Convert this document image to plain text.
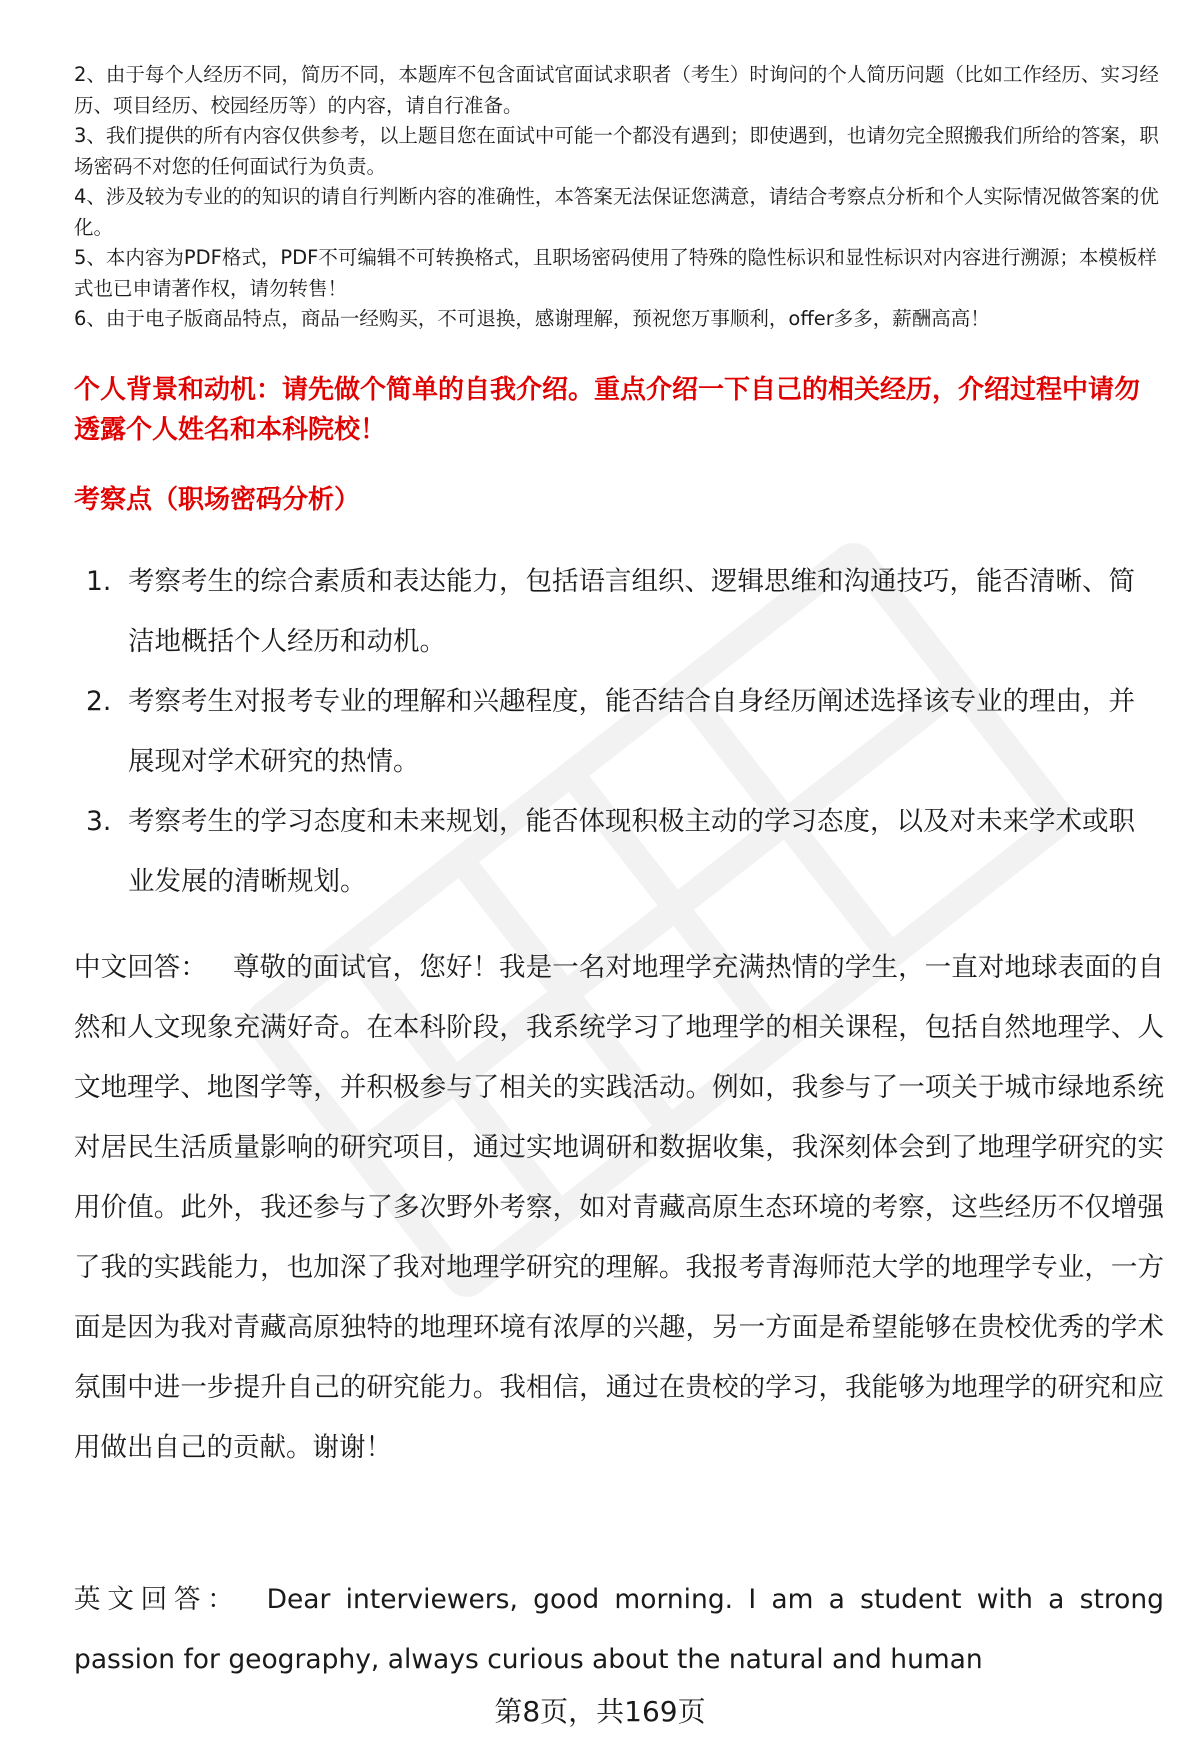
2、由于每个人经历不同，简历不同，本题库不包含面试官面试求职者（考生）时询问的个人简历问题（比如工作经历、实习经历、项目经历、校园经历等）的内容，请自行准备。
3、我们提供的所有内容仅供参考，以上题目您在面试中可能一个都没有遇到；即使遇到，也请勿完全照搬我们所给的答案，职场密码不对您的任何面试行为负责。
4、涉及较为专业的的知识的请自行判断内容的准确性，本答案无法保证您满意，请结合考察点分析和个人实际情况做答案的优化。
5、本内容为PDF格式，PDF不可编辑不可转换格式，且职场密码使用了特殊的隐性标识和显性标识对内容进行溯源；本模板样式也已申请著作权，请勿转售！
6、由于电子版商品特点，商品一经购买，不可退换，感谢理解，预祝您万事顺利，offer多多，薪酬高高！
个人背景和动机：请先做个简单的自我介绍。重点介绍一下自己的相关经历，介绍过程中请勿透露个人姓名和本科院校！
考察点（职场密码分析）
1. 考察考生的综合素质和表达能力，包括语言组织、逻辑思维和沟通技巧，能否清晰、简洁地概括个人经历和动机。
2. 考察考生对报考专业的理解和兴趣程度，能否结合自身经历阐述选择该专业的理由，并展现对学术研究的热情。
3. 考察考生的学习态度和未来规划，能否体现积极主动的学习态度，以及对未来学术或职业发展的清晰规划。

中文回答： 尊敬的面试官，您好！我是一名对地理学充满热情的学生，一直对地球表面的自然和人文现象充满好奇。在本科阶段，我系统学习了地理学的相关课程，包括自然地理学、人文地理学、地图学等，并积极参与了相关的实践活动。例如，我参与了一项关于城市绿地系统对居民生活质量影响的研究项目，通过实地调研和数据收集，我深刻体会到了地理学研究的实用价值。此外，我还参与了多次野外考察，如对青藏高原生态环境的考察，这些经历不仅增强了我的实践能力，也加深了我对地理学研究的理解。我报考青海师范大学的地理学专业，一方面是因为我对青藏高原独特的地理环境有浓厚的兴趣，另一方面是希望能够在贵校优秀的学术氛围中进一步提升自己的研究能力。我相信，通过在贵校的学习，我能够为地理学的研究和应用做出自己的贡献。谢谢！

英文回答： Dear interviewers, good morning. I am a student with a strong passion for geography, always curious about the natural and human

第8页，共169页
